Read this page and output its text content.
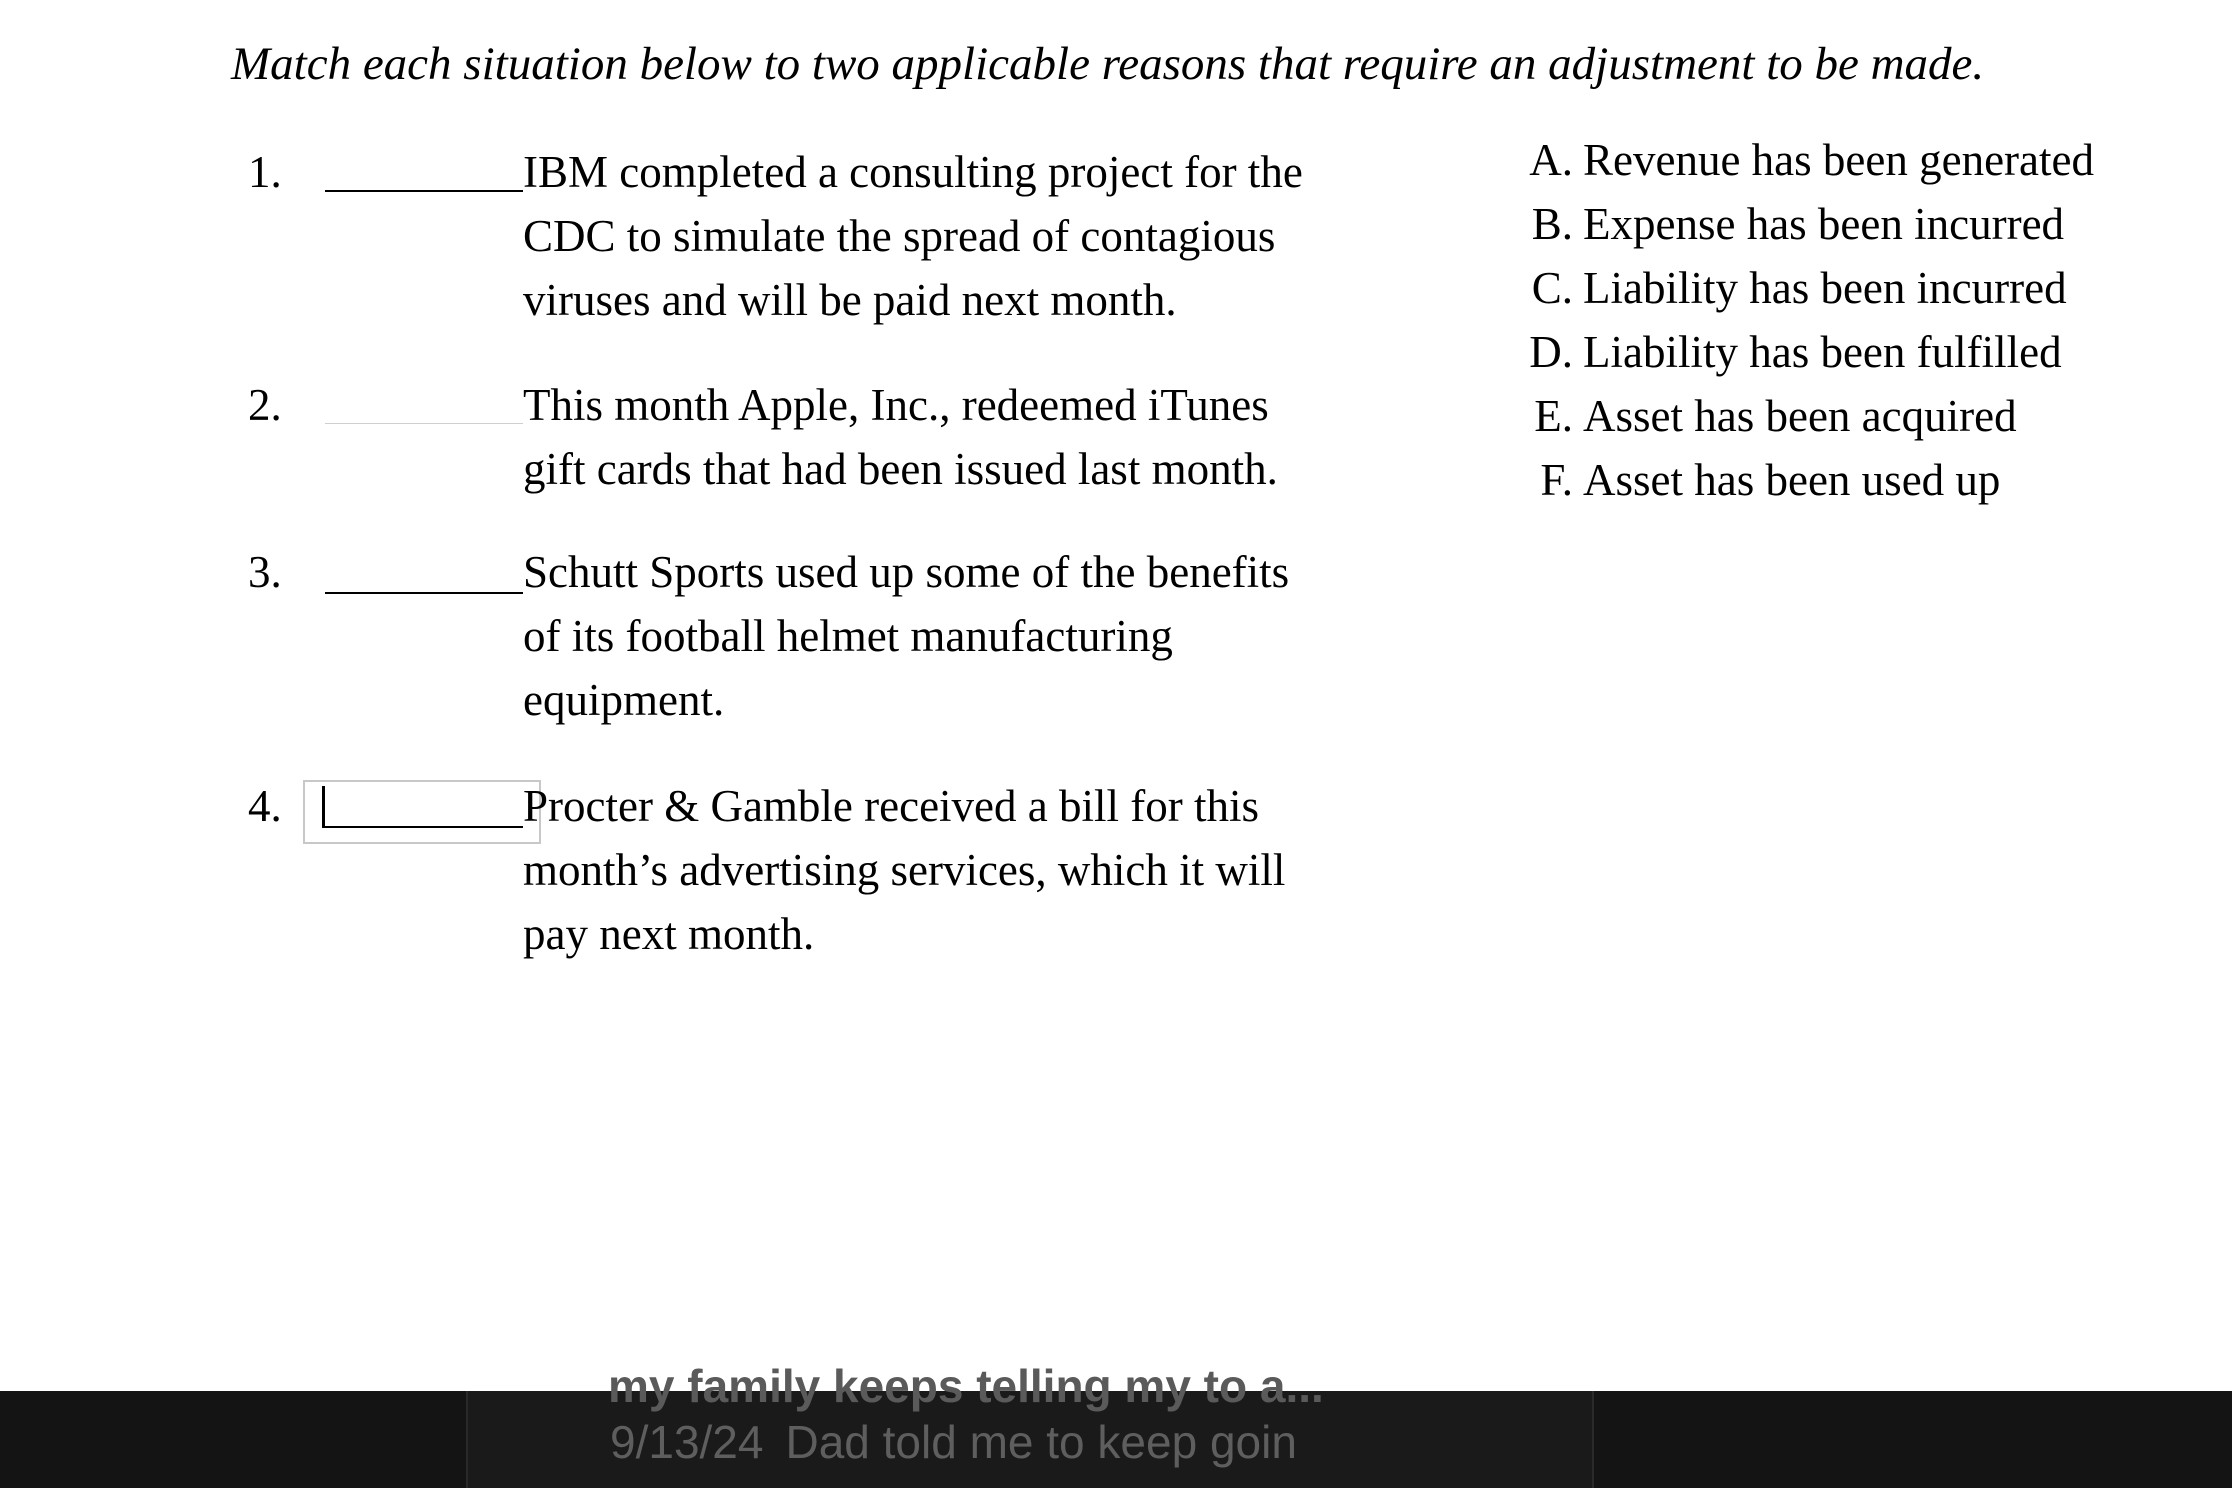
Match each situation below to two applicable reasons that require an adjustment to be made.
1.	IBM completed a consulting project for the
CDC to simulate the spread of contagious
viruses and will be paid next month.
2.	This month Apple, Inc., redeemed iTunes
gift cards that had been issued last month.
3.	Schutt Sports used up some of the benefits
of its football helmet manufacturing
equipment.
4.	Procter & Gamble received a bill for this
month’s advertising services, which it will
pay next month.
A. Revenue has been generated
B. Expense has been incurred
C. Liability has been incurred
D. Liability has been fulfilled
E. Asset has been acquired
F. Asset has been used up
my family keeps telling my to a...
9/13/24 Dad told me to keep goin
